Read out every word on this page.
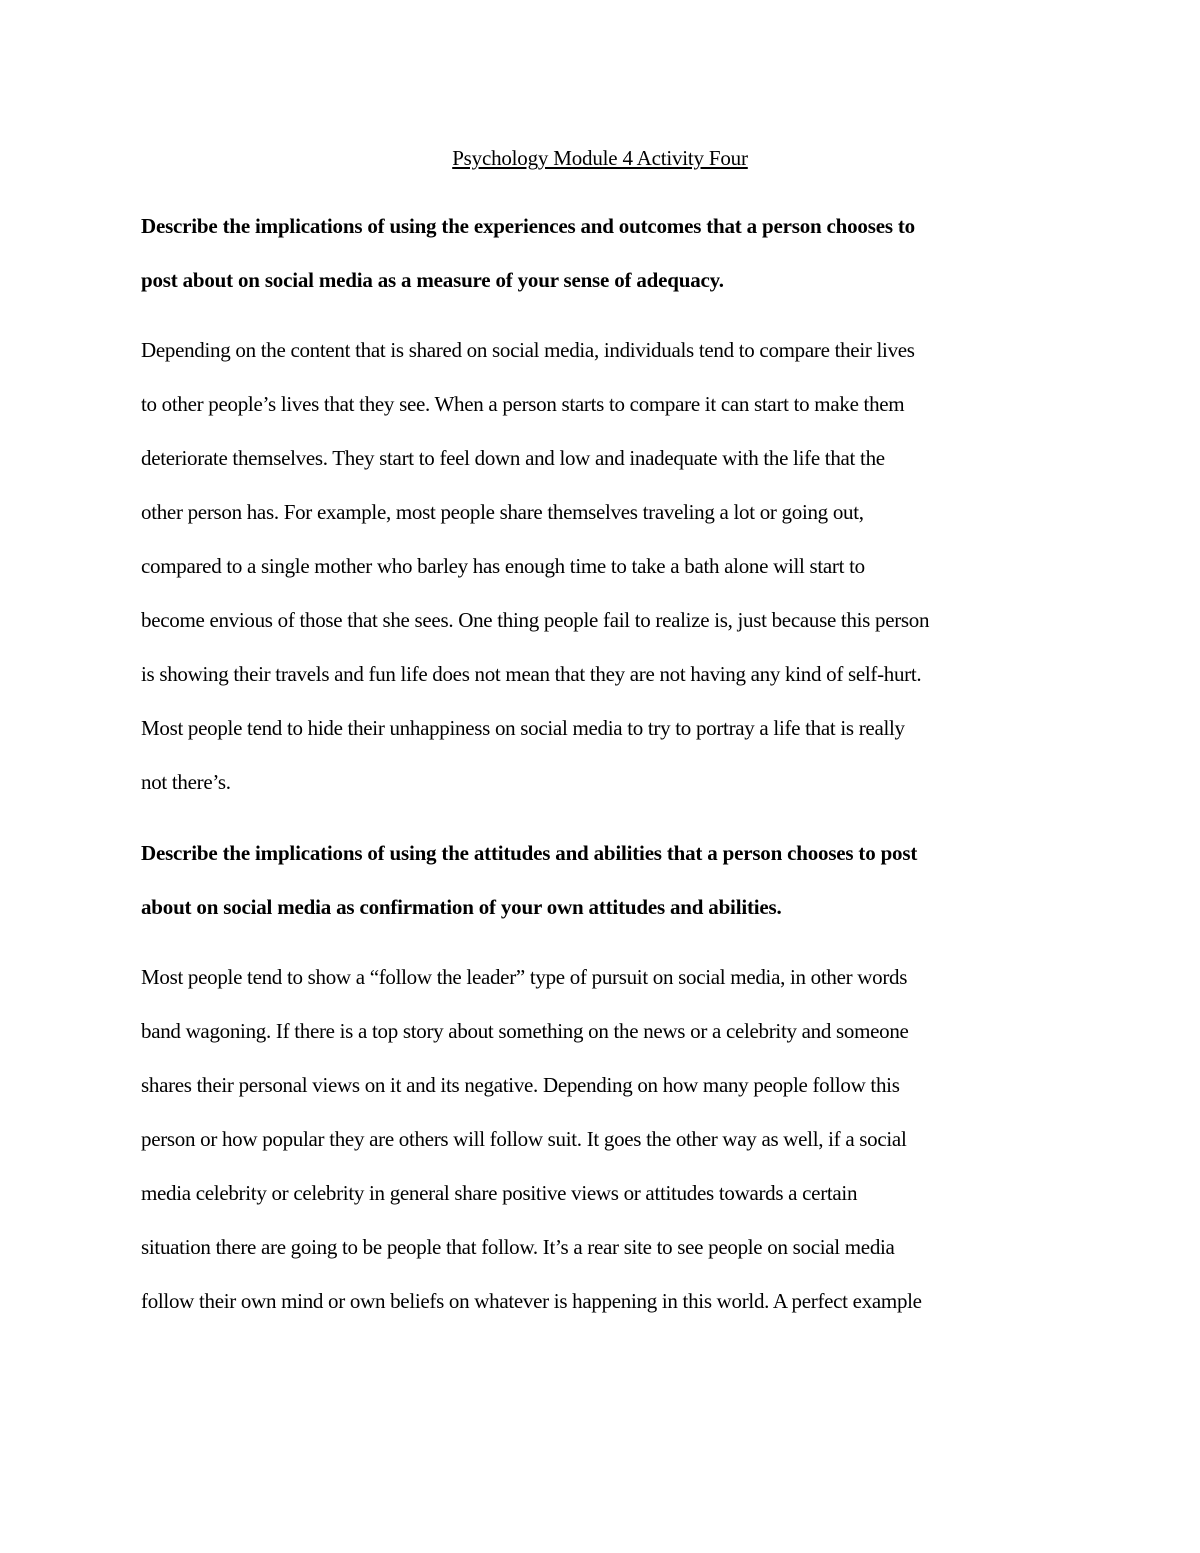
Psychology Module 4 Activity Four
Describe the implications of using the experiences and outcomes that a person chooses to
post about on social media as a measure of your sense of adequacy.
Depending on the content that is shared on social media, individuals tend to compare their lives
to other people’s lives that they see. When a person starts to compare it can start to make them
deteriorate themselves. They start to feel down and low and inadequate with the life that the
other person has. For example, most people share themselves traveling a lot or going out,
compared to a single mother who barley has enough time to take a bath alone will start to
become envious of those that she sees. One thing people fail to realize is, just because this person
is showing their travels and fun life does not mean that they are not having any kind of self-hurt.
Most people tend to hide their unhappiness on social media to try to portray a life that is really
not there’s.
Describe the implications of using the attitudes and abilities that a person chooses to post
about on social media as confirmation of your own attitudes and abilities.
Most people tend to show a “follow the leader” type of pursuit on social media, in other words
band wagoning. If there is a top story about something on the news or a celebrity and someone
shares their personal views on it and its negative. Depending on how many people follow this
person or how popular they are others will follow suit. It goes the other way as well, if a social
media celebrity or celebrity in general share positive views or attitudes towards a certain
situation there are going to be people that follow. It’s a rear site to see people on social media
follow their own mind or own beliefs on whatever is happening in this world. A perfect example
